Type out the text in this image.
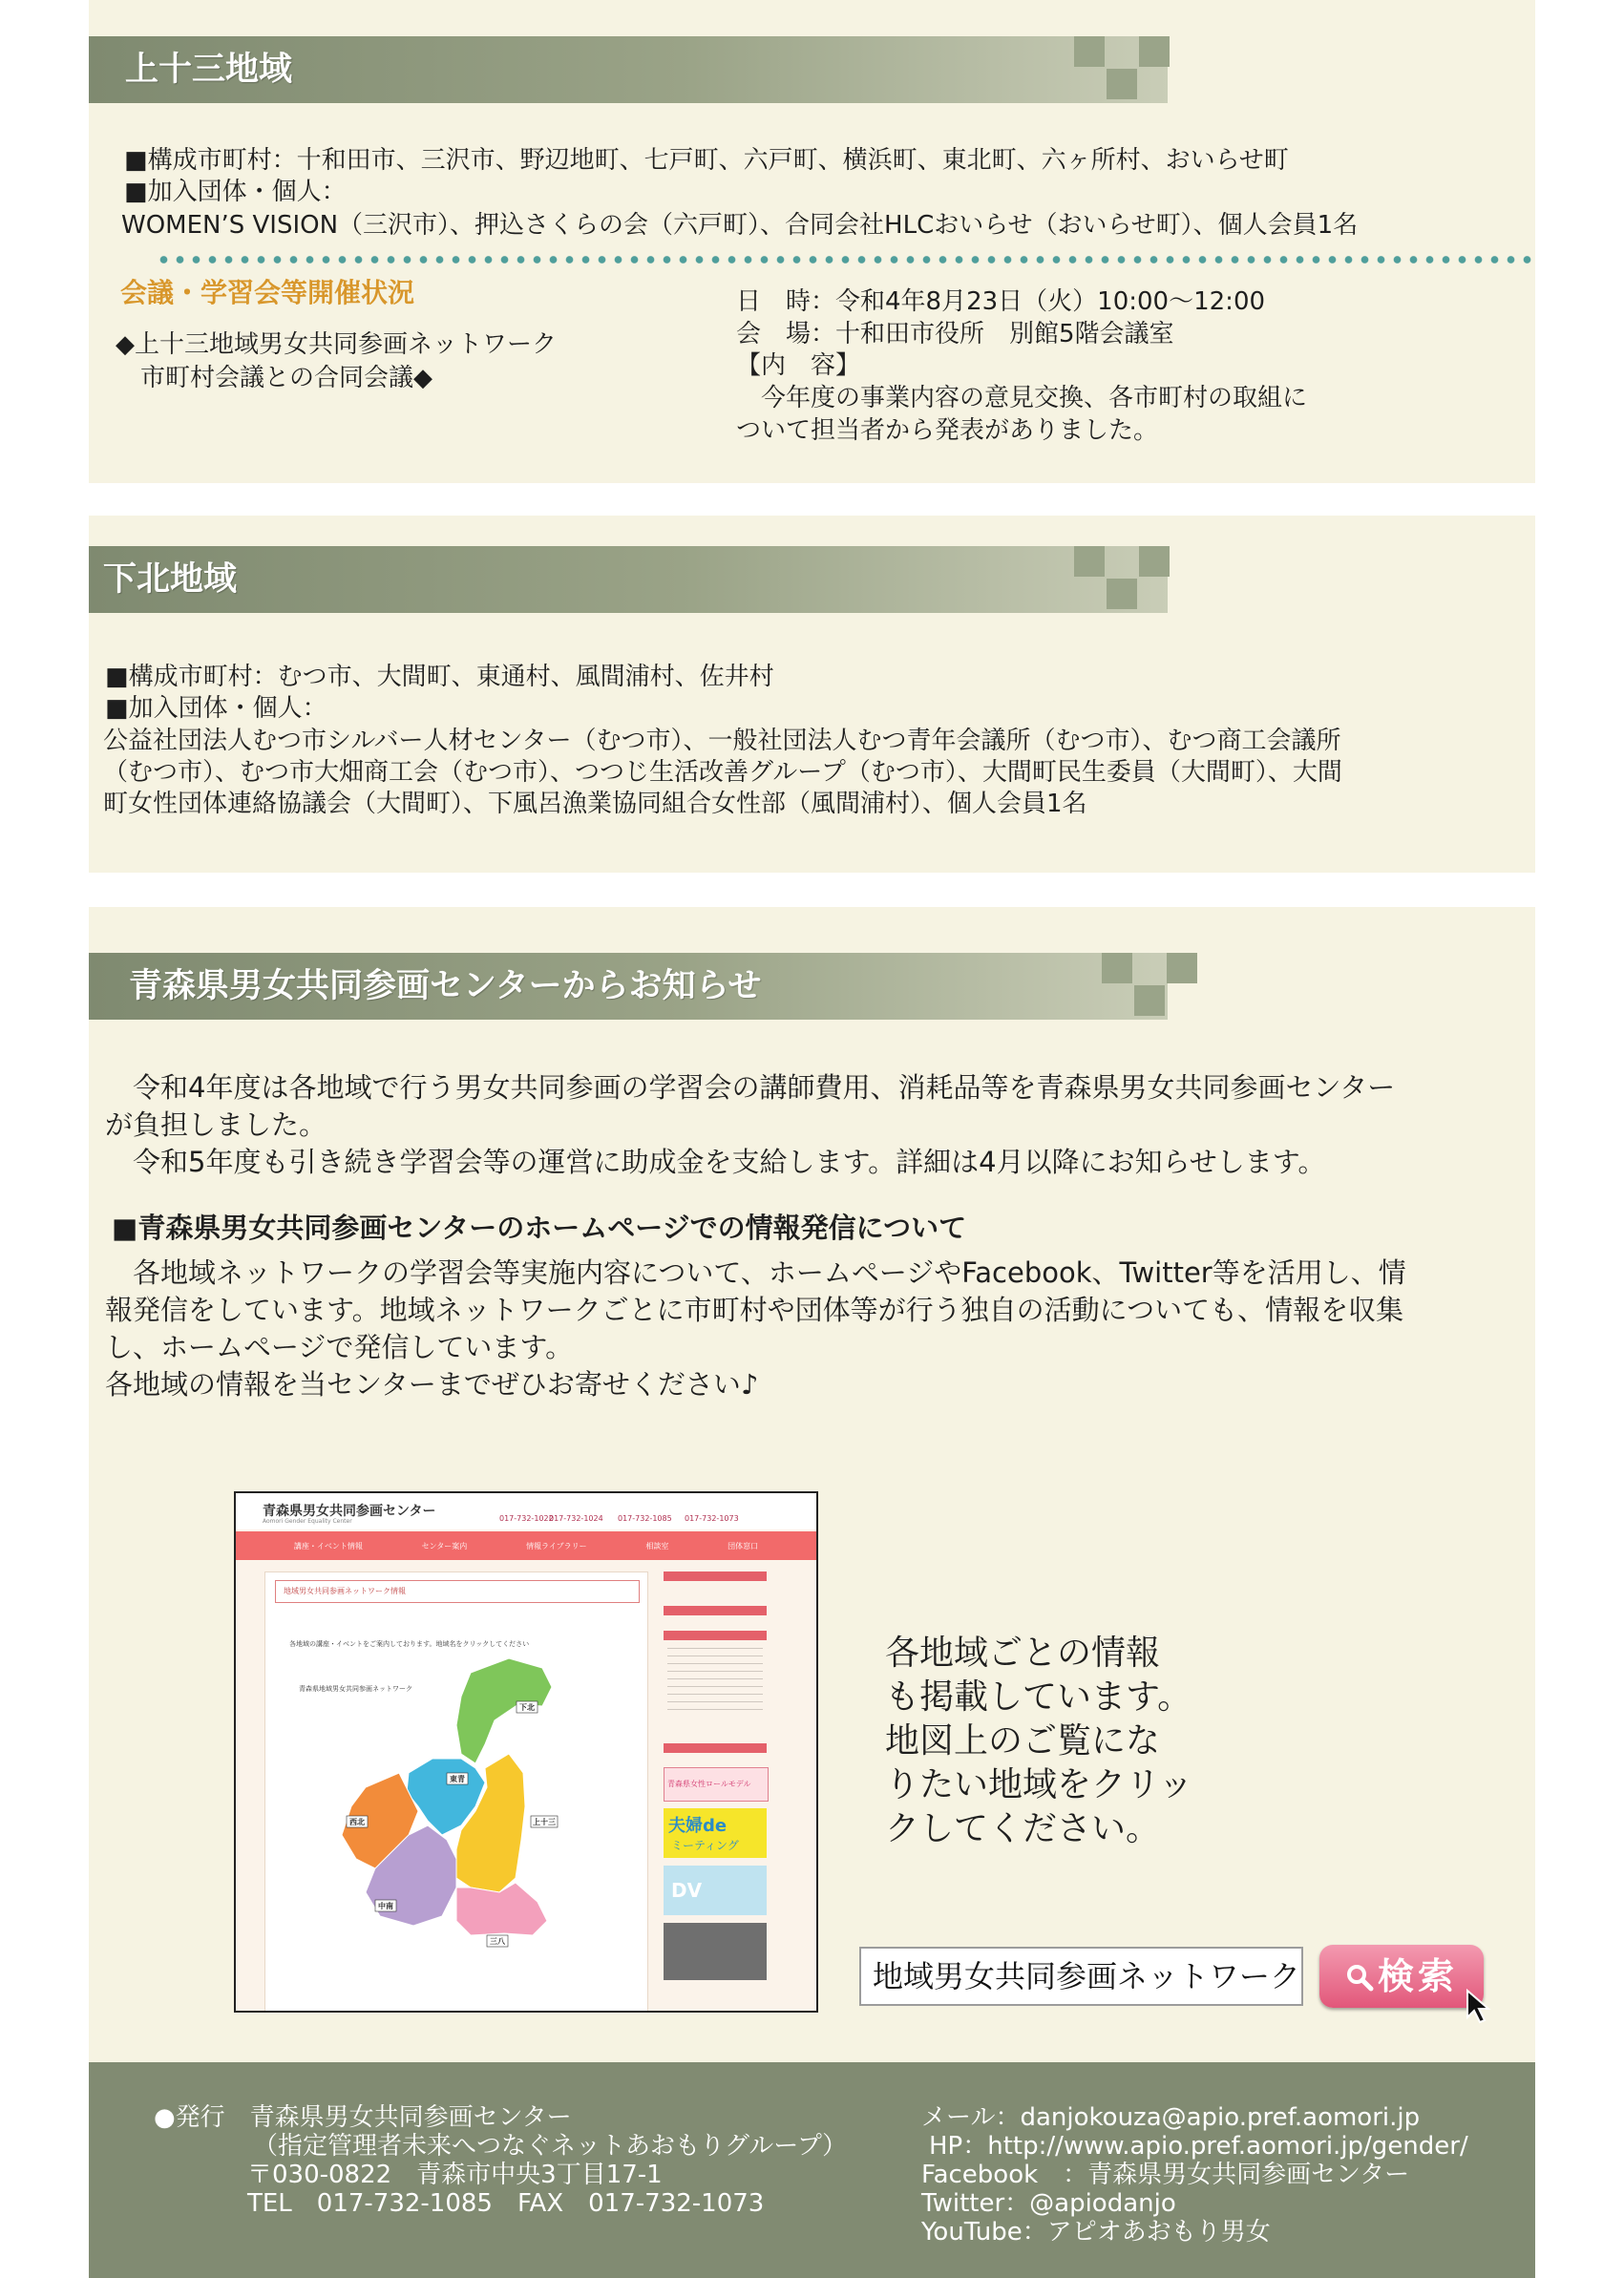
上十三地域
■構成市町村：十和田市、三沢市、野辺地町、七戸町、六戸町、横浜町、東北町、六ヶ所村、おいらせ町
■加入団体・個人：
WOMEN’S VISION（三沢市）、押込さくらの会（六戸町）、合同会社HLCおいらせ（おいらせ町）、個人会員1名
会議・学習会等開催状況
◆上十三地域男女共同参画ネットワーク
　市町村会議との合同会議◆
日　時：令和4年8月23日（火）10:00～12:00
会　場：十和田市役所　別館5階会議室
【内　容】
　今年度の事業内容の意見交換、各市町村の取組に
ついて担当者から発表がありました。
下北地域
■構成市町村：むつ市、大間町、東通村、風間浦村、佐井村
■加入団体・個人：
公益社団法人むつ市シルバー人材センター（むつ市）、一般社団法人むつ青年会議所（むつ市）、むつ商工会議所
（むつ市）、むつ市大畑商工会（むつ市）、つつじ生活改善グループ（むつ市）、大間町民生委員（大間町）、大間
町女性団体連絡協議会（大間町）、下風呂漁業協同組合女性部（風間浦村）、個人会員1名
青森県男女共同参画センターからお知らせ
　令和4年度は各地域で行う男女共同参画の学習会の講師費用、消耗品等を青森県男女共同参画センター
が負担しました。
　令和5年度も引き続き学習会等の運営に助成金を支給します。詳細は4月以降にお知らせします。
■青森県男女共同参画センターのホームページでの情報発信について
　各地域ネットワークの学習会等実施内容について、ホームページやFacebook、Twitter等を活用し、情
報発信をしています。地域ネットワークごとに市町村や団体等が行う独自の活動についても、情報を収集
し、ホームページで発信しています。
各地域の情報を当センターまでぜひお寄せください♪
各地域ごとの情報
も掲載しています。
地図上のご覧にな
りたい地域をクリッ
クしてください。
青森県男女共同参画センター
Aomori Gender Equality Center	017-732-1022
017-732-1024 017-732-1085 017-732-1073
講座・イベント情報	センター案内	情報ライブラリー	相談室	団体窓口
地域男女共同参画ネットワーク情報
各地域の講座・イベントをご案内しております。地域名をクリックしてください
青森県地域男女共同参画ネットワーク
下北
東青
上十三
西北
中南
三八
青森県女性ロールモデル
夫婦de
ミーティング
DV
地域男女共同参画ネットワーク	検索
●発行　青森県男女共同参画センター
（指定管理者未来へつなぐネットあおもりグループ）
〒030-0822　青森市中央3丁目17-1
TEL　017-732-1085　FAX　017-732-1073
メール：danjokouza@apio.pref.aomori.jp
HP：http://www.apio.pref.aomori.jp/gender/
Facebook　：青森県男女共同参画センター
Twitter：@apiodanjo
YouTube：アピオあおもり男女
